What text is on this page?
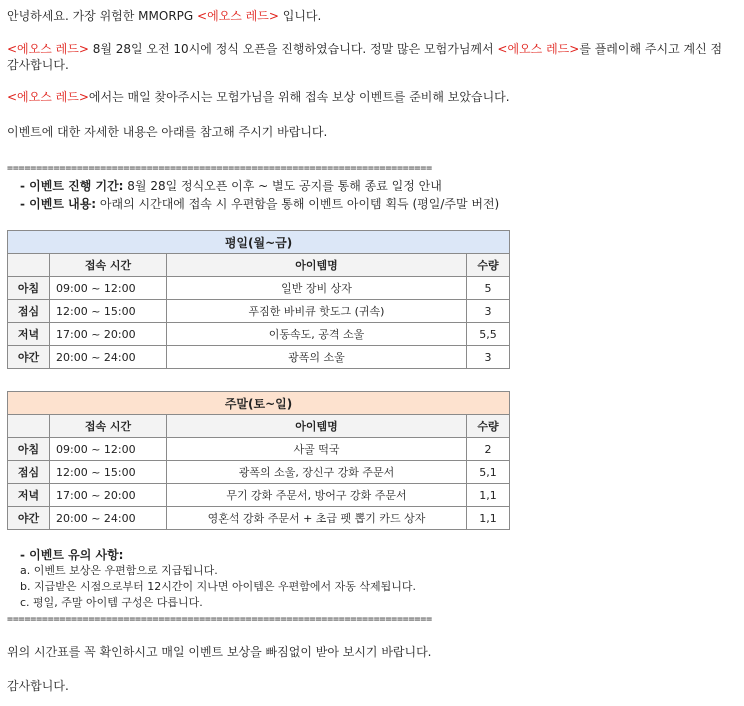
안녕하세요. 가장 위험한 MMORPG <에오스 레드> 입니다.
<에오스 레드> 8월 28일 오전 10시에 정식 오픈을 진행하였습니다. 정말 많은 모험가님께서 <에오스 레드>를 플레이해 주시고 계신 점
감사합니다.
<에오스 레드>에서는 매일 찾아주시는 모험가님을 위해 접속 보상 이벤트를 준비해 보았습니다.
이벤트에 대한 자세한 내용은 아래를 참고해 주시기 바랍니다.
=========================================================================
- 이벤트 진행 기간: 8월 28일 정식오픈 이후 ~ 별도 공지를 통해 종료 일정 안내
- 이벤트 내용: 아래의 시간대에 접속 시 우편함을 통해 이벤트 아이템 획득 (평일/주말 버전)
평일(월~금)			
	접속 시간	아이템명	수량
아침	09:00 ~ 12:00	일반 장비 상자	5
점심	12:00 ~ 15:00	푸짐한 바비큐 핫도그 (귀속)	3
저녁	17:00 ~ 20:00	이동속도, 공격 소울	5,5
야간	20:00 ~ 24:00	광폭의 소울	3
주말(토~일)			
	접속 시간	아이템명	수량
아침	09:00 ~ 12:00	사골 떡국	2
점심	12:00 ~ 15:00	광폭의 소울, 장신구 강화 주문서	5,1
저녁	17:00 ~ 20:00	무기 강화 주문서, 방어구 강화 주문서	1,1
야간	20:00 ~ 24:00	영혼석 강화 주문서 + 초급 펫 뽑기 카드 상자	1,1
- 이벤트 유의 사항:
a. 이벤트 보상은 우편함으로 지급됩니다.
b. 지급받은 시점으로부터 12시간이 지나면 아이템은 우편함에서 자동 삭제됩니다.
c. 평일, 주말 아이템 구성은 다릅니다.
=========================================================================
위의 시간표를 꼭 확인하시고 매일 이벤트 보상을 빠짐없이 받아 보시기 바랍니다.
감사합니다.
